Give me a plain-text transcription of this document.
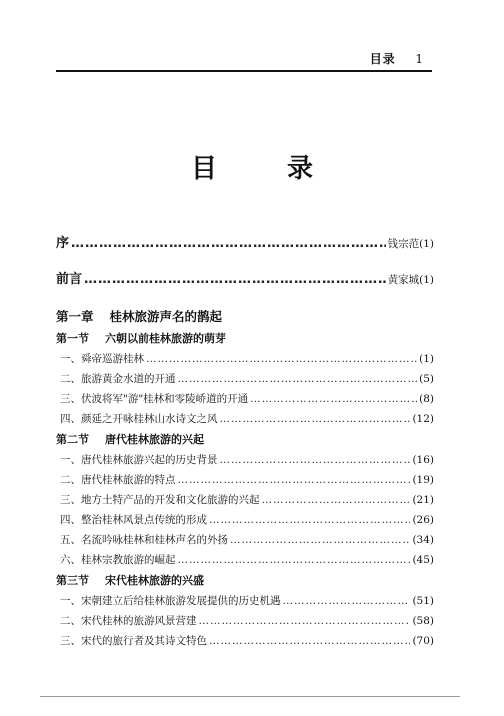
目录 1
目	录
序 ……………………………………………………………………………………………………………………………………………………	钱宗范(1)
前言 ……………………………………………………………………………………………………………………………………………………	黄家城(1)
第一章 桂林旅游声名的鹊起
第一节 六朝以前桂林旅游的萌芽
一、舜帝巡游桂林 ……………………………………………………………………………………………………………………………………………………	(1)
二、旅游黄金水道的开通 ……………………………………………………………………………………………………………………………………………………	(5)
三、伏波将军"游"桂林和零陵峤道的开通 ……………………………………………………………………………………………………………………………………………………	(8)
四、颜延之开咏桂林山水诗文之风 ……………………………………………………………………………………………………………………………………………………	(12)
第二节 唐代桂林旅游的兴起
一、唐代桂林旅游兴起的历史背景 ……………………………………………………………………………………………………………………………………………………	(16)
二、唐代桂林旅游的特点 ……………………………………………………………………………………………………………………………………………………	(19)
三、地方土特产品的开发和文化旅游的兴起 ……………………………………………………………………………………………………………………………………………………	(21)
四、整治桂林风景点传统的形成 ……………………………………………………………………………………………………………………………………………………	(26)
五、名流吟咏桂林和桂林声名的外扬 ……………………………………………………………………………………………………………………………………………………	(34)
六、桂林宗教旅游的崛起 ……………………………………………………………………………………………………………………………………………………	(45)
第三节 宋代桂林旅游的兴盛
一、宋朝建立后给桂林旅游发展提供的历史机遇 ……………………………………………………………………………………………………………………………………………………	(51)
二、宋代桂林的旅游风景营建 ……………………………………………………………………………………………………………………………………………………	(58)
三、宋代的旅行者及其诗文特色 ……………………………………………………………………………………………………………………………………………………	(70)
